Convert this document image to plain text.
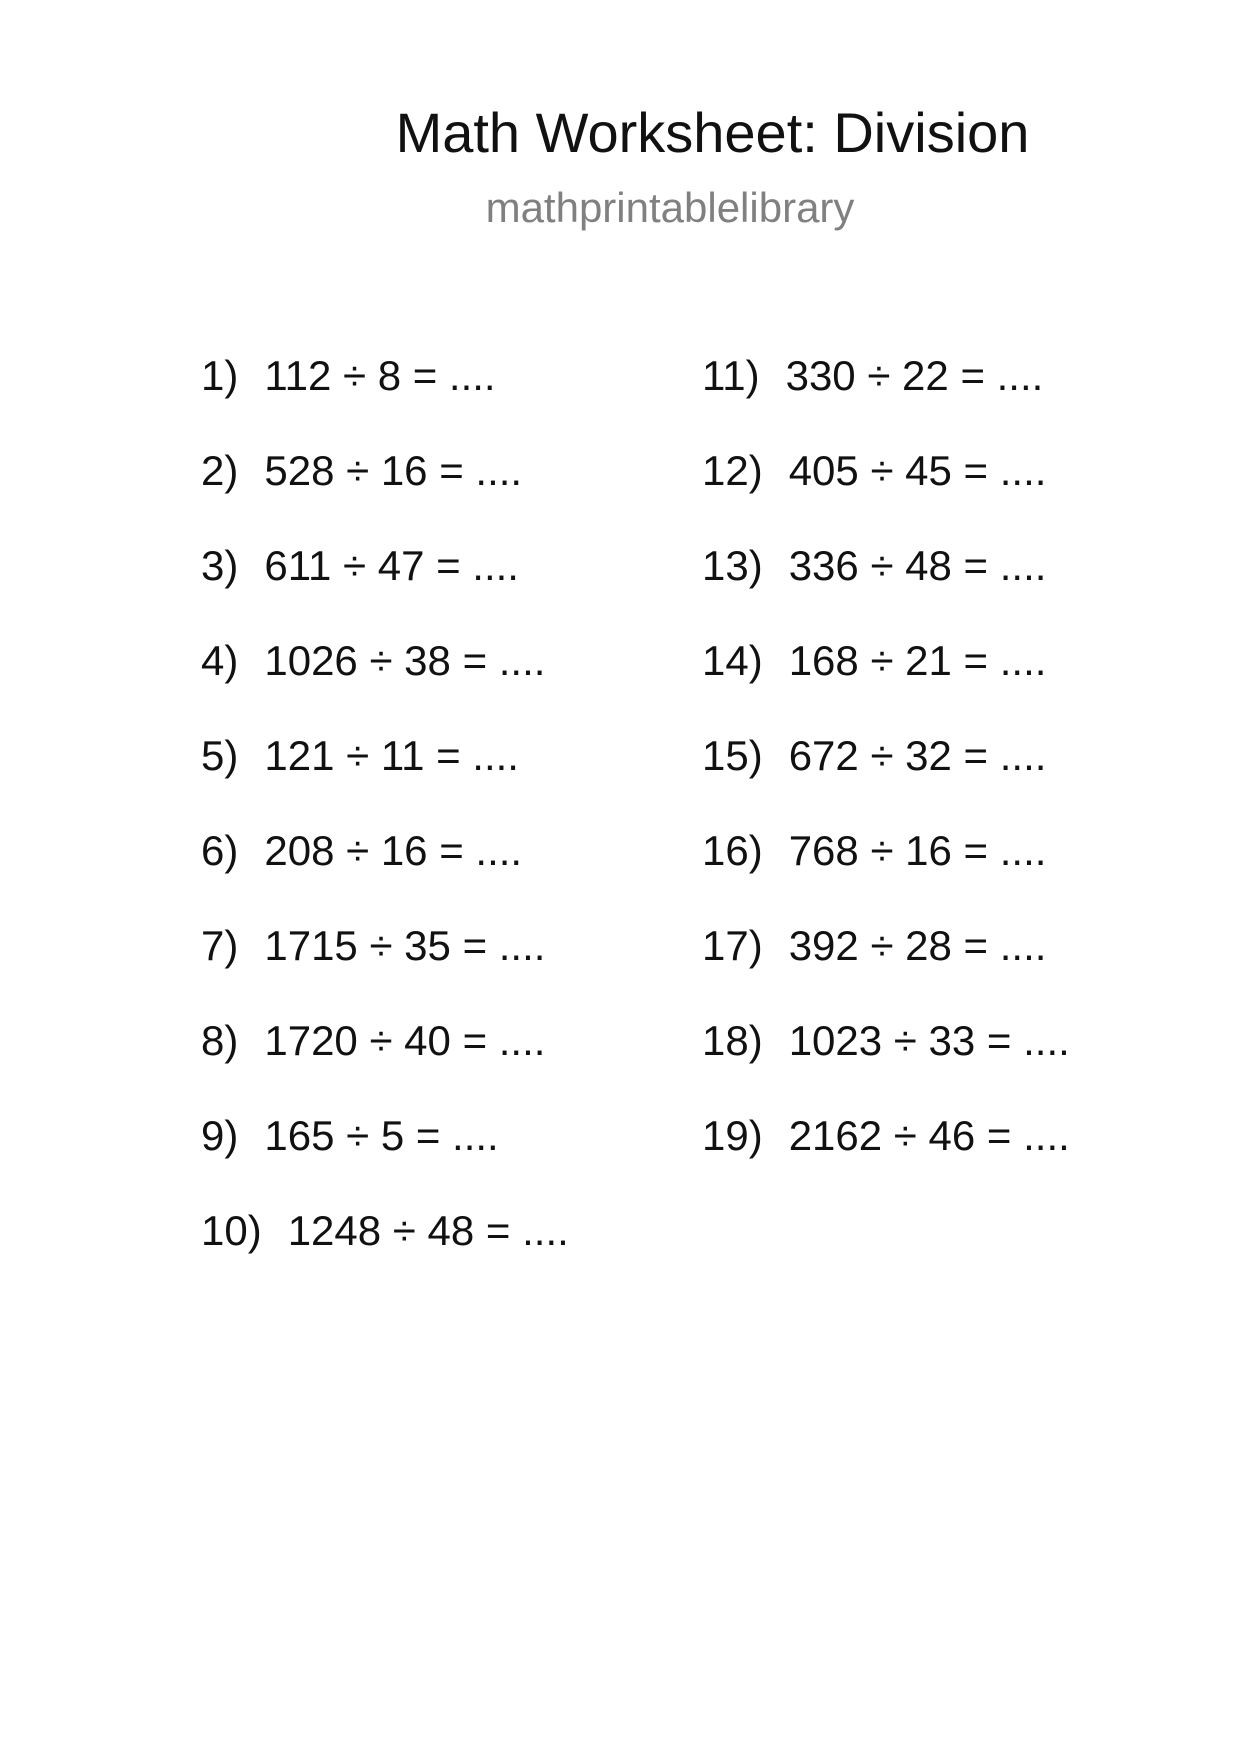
Math Worksheet: Division
mathprintablelibrary
1) 112 ÷ 8 = ....
2) 528 ÷ 16 = ....
3) 611 ÷ 47 = ....
4) 1026 ÷ 38 = ....
5) 121 ÷ 11 = ....
6) 208 ÷ 16 = ....
7) 1715 ÷ 35 = ....
8) 1720 ÷ 40 = ....
9) 165 ÷ 5 = ....
10) 1248 ÷ 48 = ....
11) 330 ÷ 22 = ....
12) 405 ÷ 45 = ....
13) 336 ÷ 48 = ....
14) 168 ÷ 21 = ....
15) 672 ÷ 32 = ....
16) 768 ÷ 16 = ....
17) 392 ÷ 28 = ....
18) 1023 ÷ 33 = ....
19) 2162 ÷ 46 = ....
